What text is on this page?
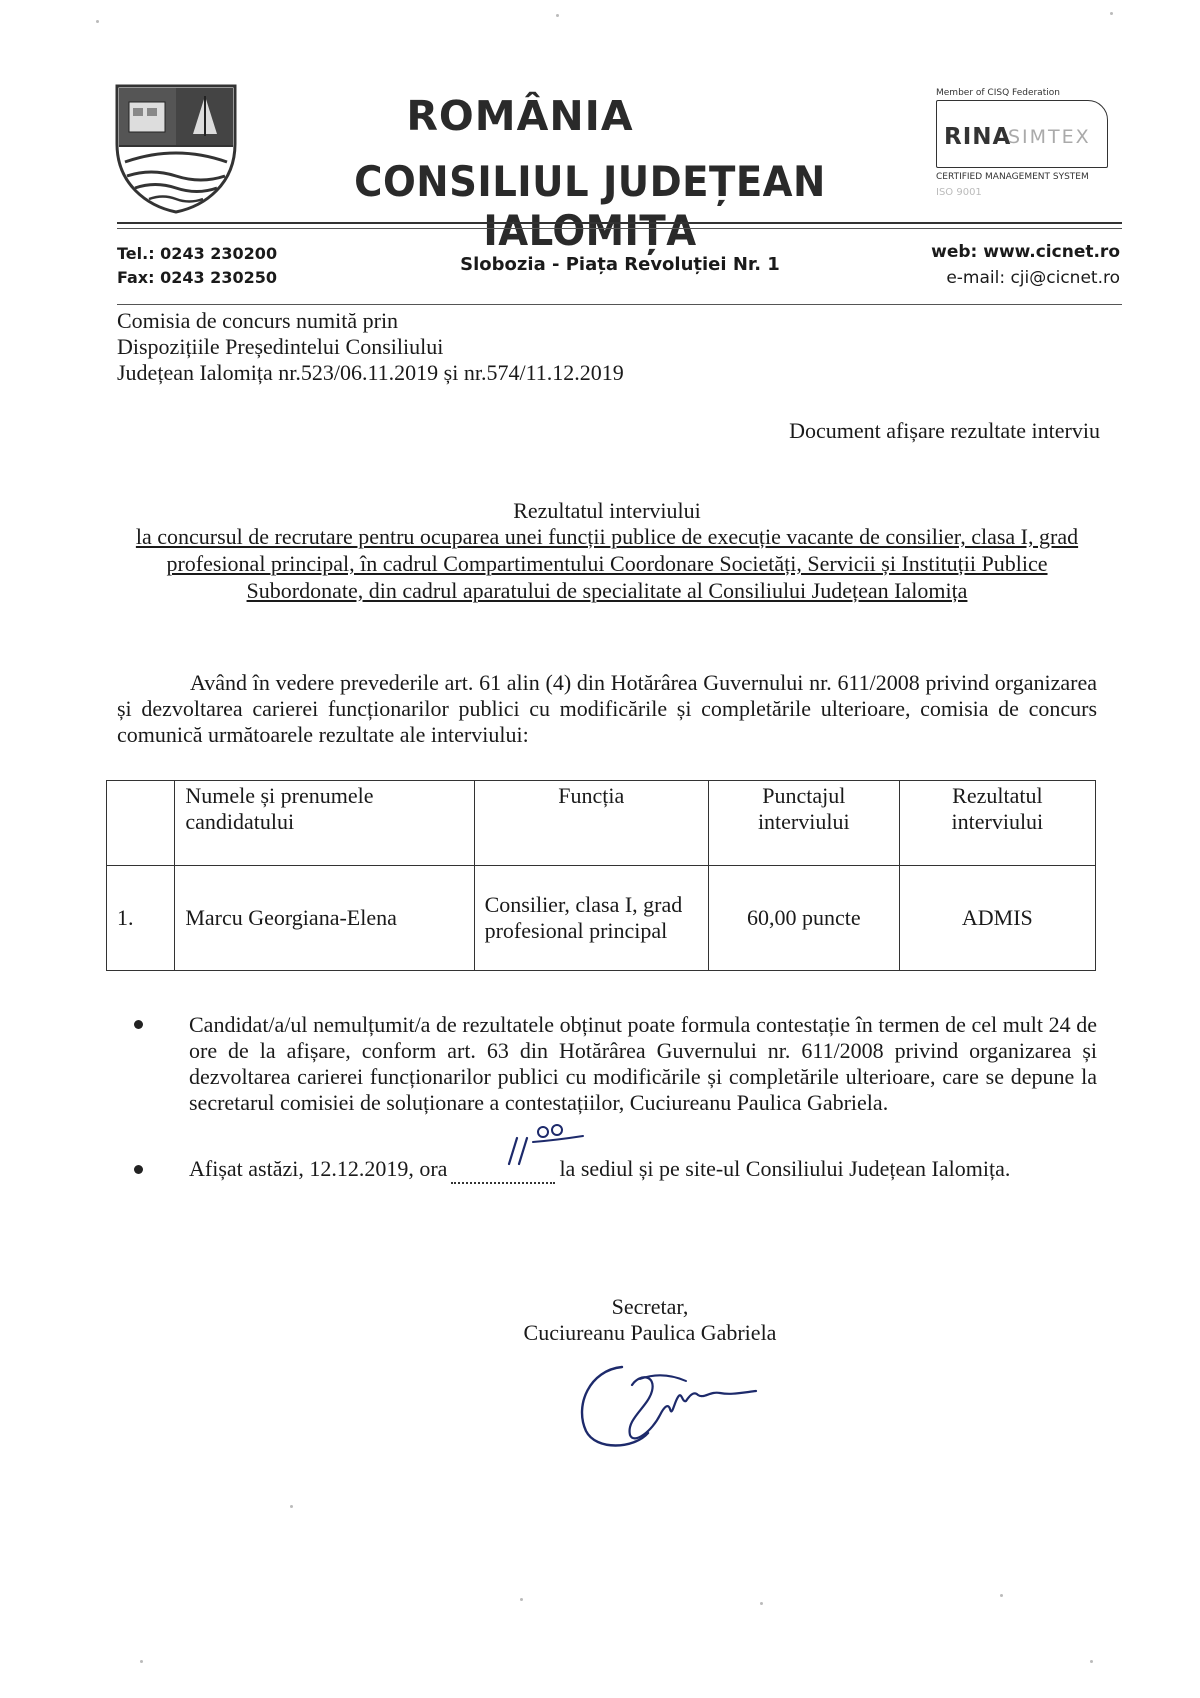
ROMÂNIA
CONSILIUL JUDEȚEAN IALOMIȚA
Member of CISQ Federation
RINA
SIMTEX
CERTIFIED MANAGEMENT SYSTEM
ISO 9001
Tel.: 0243 230200
Fax: 0243 230250
Slobozia - Piața Revoluției Nr. 1
web: www.cicnet.ro
e-mail: cji@cicnet.ro
Comisia de concurs numită prin
Dispozițiile Președintelui Consiliului
Județean Ialomița nr.523/06.11.2019 și nr.574/11.12.2019
Document afișare rezultate interviu
Rezultatul interviului
la concursul de recrutare pentru ocuparea unei funcții publice de execuție vacante de consilier, clasa I, grad profesional principal, în cadrul Compartimentului Coordonare Societăți, Servicii și Instituții Publice Subordonate, din cadrul aparatului de specialitate al Consiliului Județean Ialomița
Având în vedere prevederile art. 61 alin (4) din Hotărârea Guvernului nr. 611/2008 privind organizarea și dezvoltarea carierei funcționarilor publici cu modificările și completările ulterioare, comisia de concurs comunică următoarele rezultate ale interviului:
	Numele și prenumele candidatului	Funcția	Punctajul interviului	Rezultatul interviului
1.	Marcu Georgiana-Elena	Consilier, clasa I, grad profesional principal	60,00 puncte	ADMIS
Candidat/a/ul nemulțumit/a de rezultatele obținut poate formula contestație în termen de cel mult 24 de ore de la afișare, conform art. 63 din Hotărârea Guvernului nr. 611/2008 privind organizarea și dezvoltarea carierei funcționarilor publici cu modificările și completările ulterioare, care se depune la secretarul comisiei de soluționare a contestațiilor, Cuciureanu Paulica Gabriela.
Afișat astăzi, 12.12.2019, ora	la sediul și pe site-ul Consiliului Județean Ialomița.
Secretar,
Cuciureanu Paulica Gabriela
